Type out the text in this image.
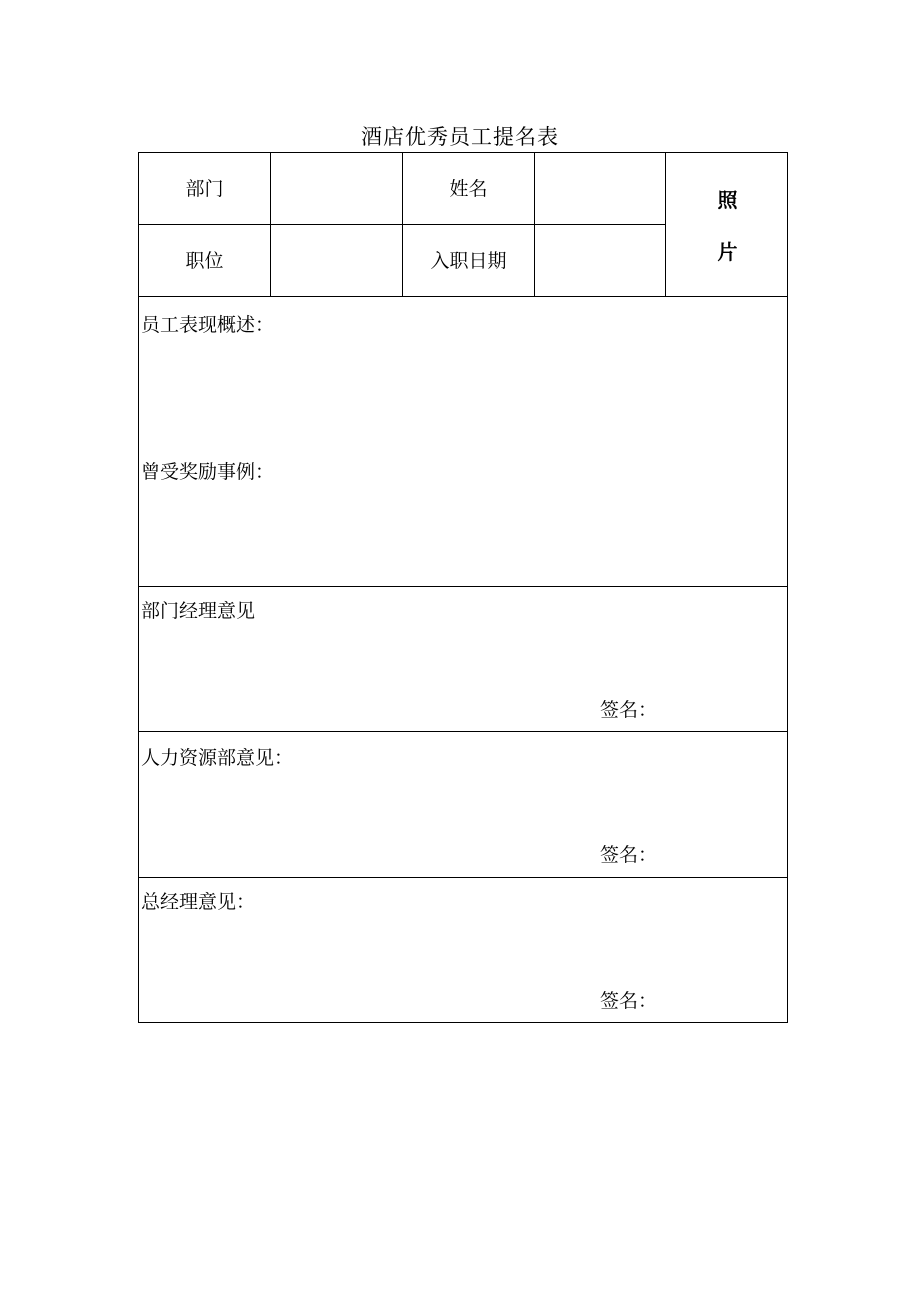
酒店优秀员工提名表
部门	姓名
职位	入职日期
照
片
员工表现概述：
曾受奖励事例：
部门经理意见
签名：
人力资源部意见：
签名：
总经理意见：
签名：
